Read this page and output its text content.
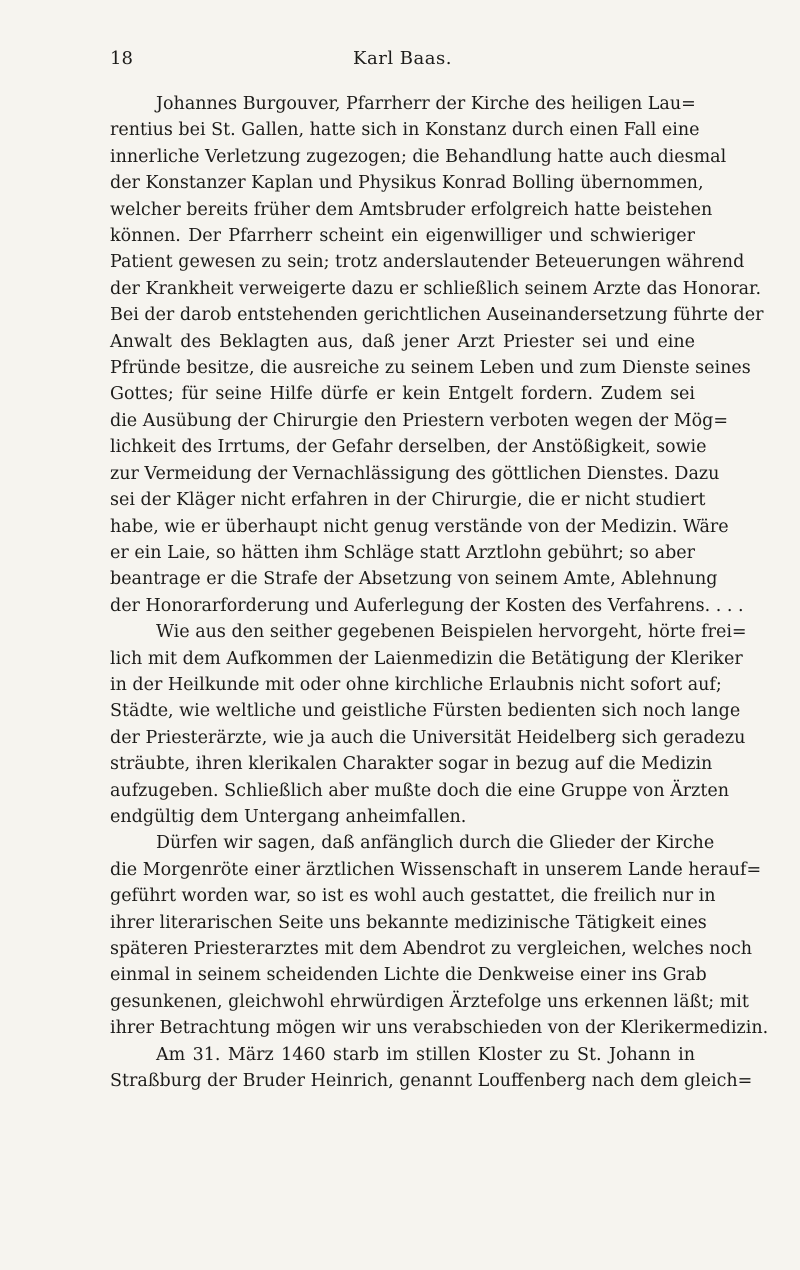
18	Karl Baas.
Johannes Burgouver, Pfarrherr der Kirche des heiligen Lau=
rentius bei St. Gallen, hatte sich in Konstanz durch einen Fall eine
innerliche Verletzung zugezogen; die Behandlung hatte auch diesmal
der Konstanzer Kaplan und Physikus Konrad Bolling übernommen,
welcher bereits früher dem Amtsbruder erfolgreich hatte beistehen
können. Der Pfarrherr scheint ein eigenwilliger und schwieriger
Patient gewesen zu sein; trotz anderslautender Beteuerungen während
der Krankheit verweigerte dazu er schließlich seinem Arzte das Honorar.
Bei der darob entstehenden gerichtlichen Auseinandersetzung führte der
Anwalt des Beklagten aus, daß jener Arzt Priester sei und eine
Pfründe besitze, die ausreiche zu seinem Leben und zum Dienste seines
Gottes; für seine Hilfe dürfe er kein Entgelt fordern. Zudem sei
die Ausübung der Chirurgie den Priestern verboten wegen der Mög=
lichkeit des Irrtums, der Gefahr derselben, der Anstößigkeit, sowie
zur Vermeidung der Vernachlässigung des göttlichen Dienstes. Dazu
sei der Kläger nicht erfahren in der Chirurgie, die er nicht studiert
habe, wie er überhaupt nicht genug verstände von der Medizin. Wäre
er ein Laie, so hätten ihm Schläge statt Arztlohn gebührt; so aber
beantrage er die Strafe der Absetzung von seinem Amte, Ablehnung
der Honorarforderung und Auferlegung der Kosten des Verfahrens. . . .
Wie aus den seither gegebenen Beispielen hervorgeht, hörte frei=
lich mit dem Aufkommen der Laienmedizin die Betätigung der Kleriker
in der Heilkunde mit oder ohne kirchliche Erlaubnis nicht sofort auf;
Städte, wie weltliche und geistliche Fürsten bedienten sich noch lange
der Priesterärzte, wie ja auch die Universität Heidelberg sich geradezu
sträubte, ihren klerikalen Charakter sogar in bezug auf die Medizin
aufzugeben. Schließlich aber mußte doch die eine Gruppe von Ärzten
endgültig dem Untergang anheimfallen.
Dürfen wir sagen, daß anfänglich durch die Glieder der Kirche
die Morgenröte einer ärztlichen Wissenschaft in unserem Lande herauf=
geführt worden war, so ist es wohl auch gestattet, die freilich nur in
ihrer literarischen Seite uns bekannte medizinische Tätigkeit eines
späteren Priesterarztes mit dem Abendrot zu vergleichen, welches noch
einmal in seinem scheidenden Lichte die Denkweise einer ins Grab
gesunkenen, gleichwohl ehrwürdigen Ärztefolge uns erkennen läßt; mit
ihrer Betrachtung mögen wir uns verabschieden von der Klerikermedizin.
Am 31. März 1460 starb im stillen Kloster zu St. Johann in
Straßburg der Bruder Heinrich, genannt Louffenberg nach dem gleich=
